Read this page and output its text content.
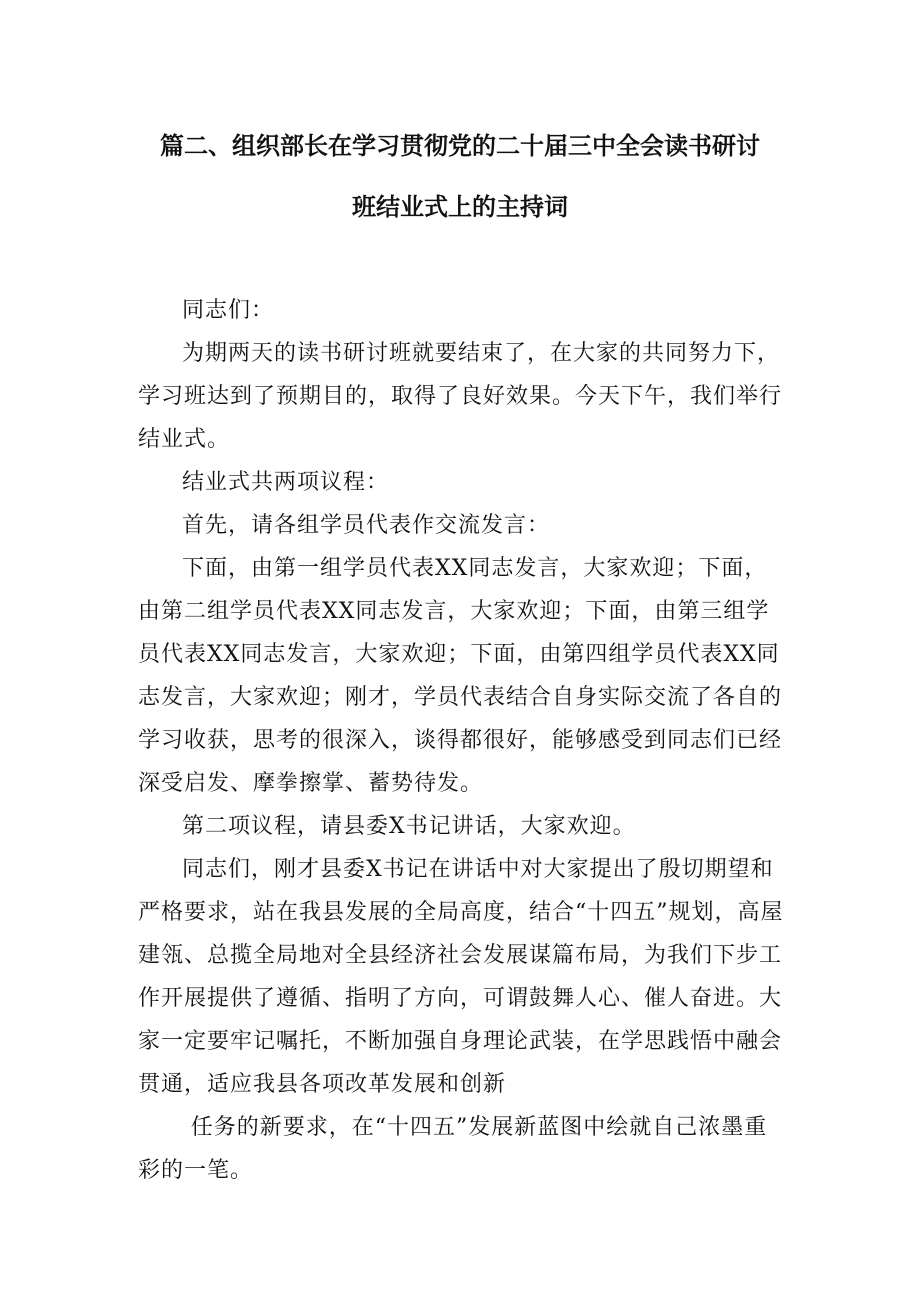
篇二、组织部长在学习贯彻党的二十届三中全会读书研讨
班结业式上的主持词

同志们：

为期两天的读书研讨班就要结束了，在大家的共同努力下，学习班达到了预期目的，取得了良好效果。今天下午，我们举行结业式。

结业式共两项议程：

首先，请各组学员代表作交流发言：

下面，由第一组学员代表XX同志发言，大家欢迎；下面，由第二组学员代表XX同志发言，大家欢迎；下面，由第三组学员代表XX同志发言，大家欢迎；下面，由第四组学员代表XX同志发言，大家欢迎；刚才，学员代表结合自身实际交流了各自的学习收获，思考的很深入，谈得都很好，能够感受到同志们已经深受启发、摩拳擦掌、蓄势待发。

第二项议程，请县委X书记讲话，大家欢迎。

同志们，刚才县委X书记在讲话中对大家提出了殷切期望和严格要求，站在我县发展的全局高度，结合“十四五”规划，高屋建瓴、总揽全局地对全县经济社会发展谋篇布局，为我们下步工作开展提供了遵循、指明了方向，可谓鼓舞人心、催人奋进。大家一定要牢记嘱托，不断加强自身理论武装，在学思践悟中融会贯通，适应我县各项改革发展和创新

任务的新要求，在“十四五”发展新蓝图中绘就自己浓墨重彩的一笔。
